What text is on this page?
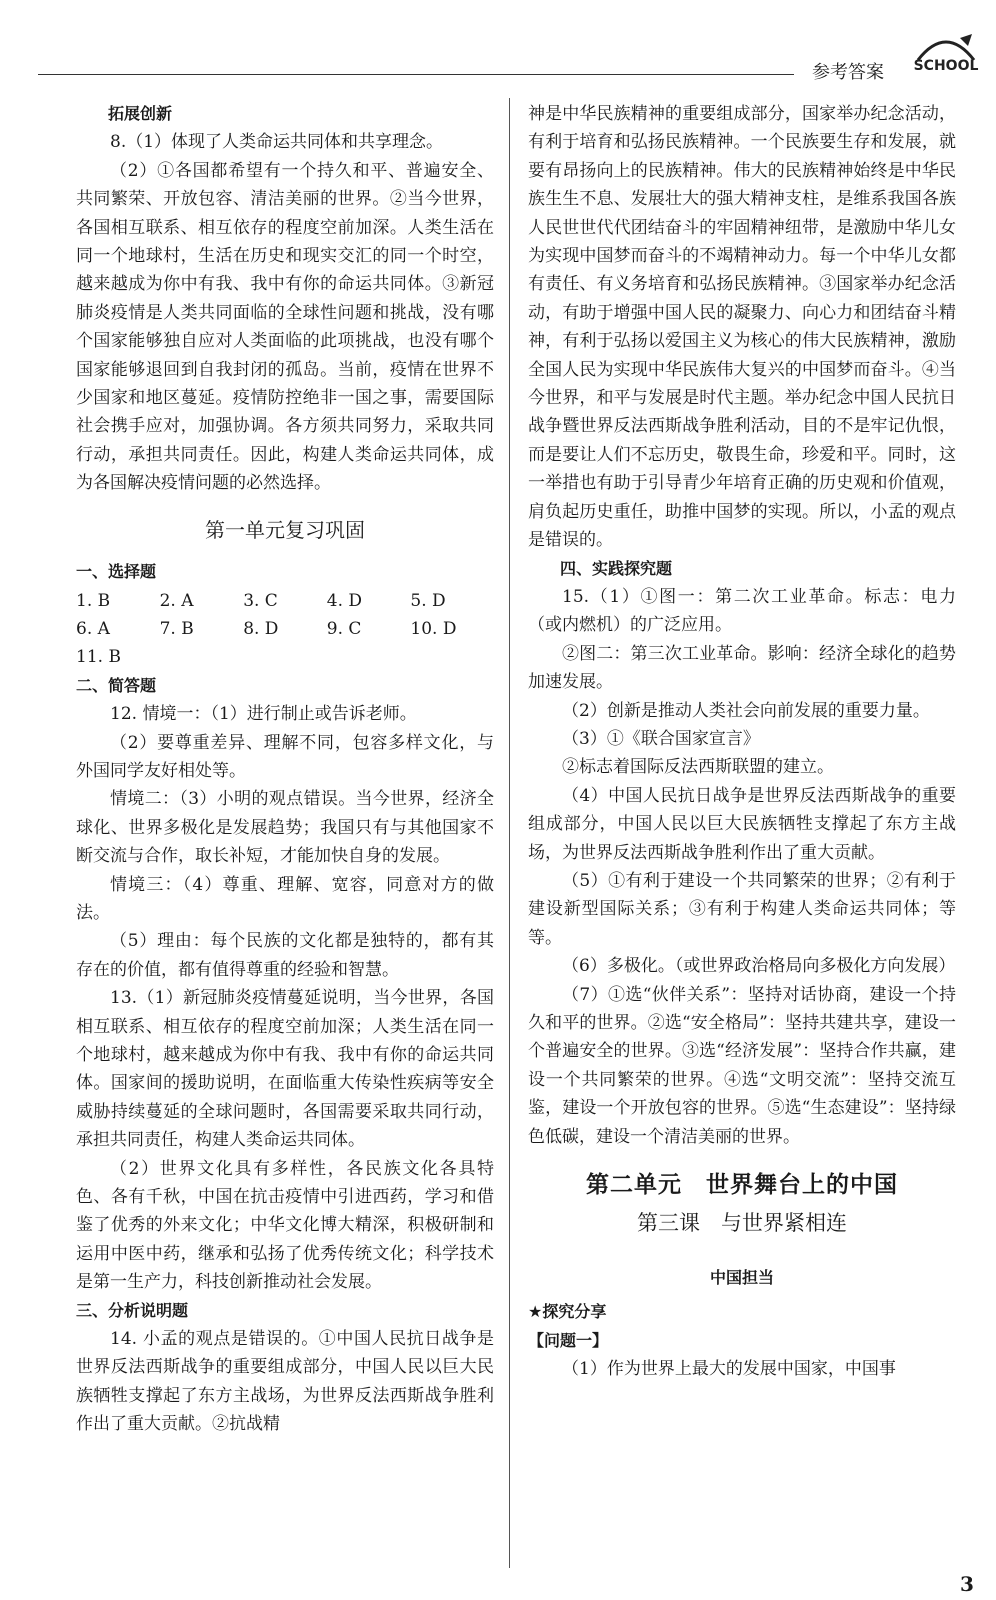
参考答案 SCHOOL

拓展创新

8.（1）体现了人类命运共同体和共享理念。

（2）①各国都希望有一个持久和平、普遍安全、共同繁荣、开放包容、清洁美丽的世界。②当今世界，各国相互联系、相互依存的程度空前加深。人类生活在同一个地球村，生活在历史和现实交汇的同一个时空，越来越成为你中有我、我中有你的命运共同体。③新冠肺炎疫情是人类共同面临的全球性问题和挑战，没有哪个国家能够独自应对人类面临的此项挑战，也没有哪个国家能够退回到自我封闭的孤岛。当前，疫情在世界不少国家和地区蔓延。疫情防控绝非一国之事，需要国际社会携手应对，加强协调。各方须共同努力，采取共同行动，承担共同责任。因此，构建人类命运共同体，成为各国解决疫情问题的必然选择。

第一单元复习巩固

一、选择题

1. B	2. A	3. C	4. D	5. D
6. A	7. B	8. D	9. C	10. D

11. B

二、简答题

12. 情境一：（1）进行制止或告诉老师。

（2）要尊重差异、理解不同，包容多样文化，与外国同学友好相处等。

情境二：（3）小明的观点错误。当今世界，经济全球化、世界多极化是发展趋势；我国只有与其他国家不断交流与合作，取长补短，才能加快自身的发展。

情境三：（4）尊重、理解、宽容，同意对方的做法。

（5）理由：每个民族的文化都是独特的，都有其存在的价值，都有值得尊重的经验和智慧。

13.（1）新冠肺炎疫情蔓延说明，当今世界，各国相互联系、相互依存的程度空前加深；人类生活在同一个地球村，越来越成为你中有我、我中有你的命运共同体。国家间的援助说明，在面临重大传染性疾病等安全威胁持续蔓延的全球问题时，各国需要采取共同行动，承担共同责任，构建人类命运共同体。

（2）世界文化具有多样性，各民族文化各具特色、各有千秋，中国在抗击疫情中引进西药，学习和借鉴了优秀的外来文化；中华文化博大精深，积极研制和运用中医中药，继承和弘扬了优秀传统文化；科学技术是第一生产力，科技创新推动社会发展。

三、分析说明题

14. 小孟的观点是错误的。①中国人民抗日战争是世界反法西斯战争的重要组成部分，中国人民以巨大民族牺牲支撑起了东方主战场，为世界反法西斯战争胜利作出了重大贡献。②抗战精

神是中华民族精神的重要组成部分，国家举办纪念活动，有利于培育和弘扬民族精神。一个民族要生存和发展，就要有昂扬向上的民族精神。伟大的民族精神始终是中华民族生生不息、发展壮大的强大精神支柱，是维系我国各族人民世世代代团结奋斗的牢固精神纽带，是激励中华儿女为实现中国梦而奋斗的不竭精神动力。每一个中华儿女都有责任、有义务培育和弘扬民族精神。③国家举办纪念活动，有助于增强中国人民的凝聚力、向心力和团结奋斗精神，有利于弘扬以爱国主义为核心的伟大民族精神，激励全国人民为实现中华民族伟大复兴的中国梦而奋斗。④当今世界，和平与发展是时代主题。举办纪念中国人民抗日战争暨世界反法西斯战争胜利活动，目的不是牢记仇恨，而是要让人们不忘历史，敬畏生命，珍爱和平。同时，这一举措也有助于引导青少年培育正确的历史观和价值观，肩负起历史重任，助推中国梦的实现。所以，小孟的观点是错误的。

四、实践探究题

15.（1）①图一：第二次工业革命。标志：电力（或内燃机）的广泛应用。

②图二：第三次工业革命。影响：经济全球化的趋势加速发展。

（2）创新是推动人类社会向前发展的重要力量。

（3）①《联合国家宣言》

②标志着国际反法西斯联盟的建立。

（4）中国人民抗日战争是世界反法西斯战争的重要组成部分，中国人民以巨大民族牺牲支撑起了东方主战场，为世界反法西斯战争胜利作出了重大贡献。

（5）①有利于建设一个共同繁荣的世界；②有利于建设新型国际关系；③有利于构建人类命运共同体；等等。

（6）多极化。（或世界政治格局向多极化方向发展）

（7）①选“伙伴关系”：坚持对话协商，建设一个持久和平的世界。②选“安全格局”：坚持共建共享，建设一个普遍安全的世界。③选“经济发展”：坚持合作共赢，建设一个共同繁荣的世界。④选“文明交流”：坚持交流互鉴，建设一个开放包容的世界。⑤选“生态建设”：坚持绿色低碳，建设一个清洁美丽的世界。

第二单元　世界舞台上的中国
第三课　与世界紧相连
中国担当

★探究分享

【问题一】

（1）作为世界上最大的发展中国家，中国事

3
